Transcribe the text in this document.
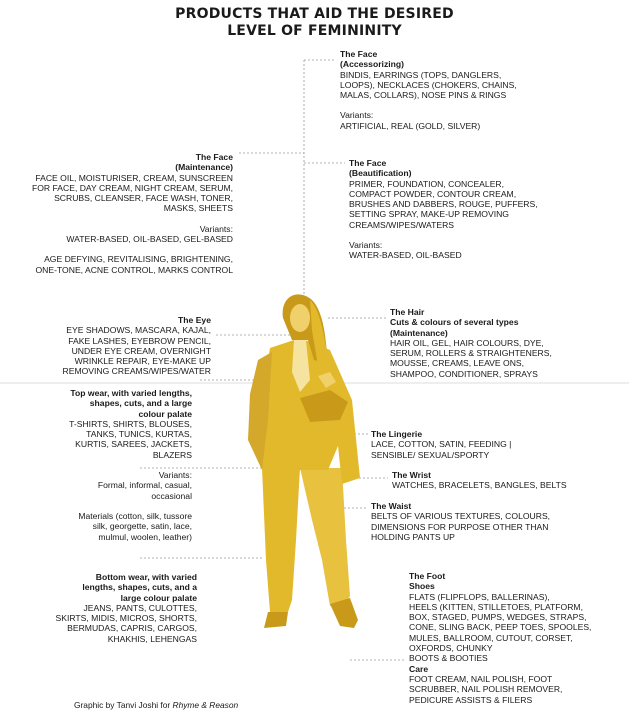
PRODUCTS THAT AID THE DESIRED
LEVEL OF FEMININITY
The Face
(Accessorizing)
BINDIS, EARRINGS (TOPS, DANGLERS,
LOOPS), NECKLACES (CHOKERS, CHAINS,
MALAS, COLLARS), NOSE PINS & RINGS
Variants:
ARTIFICIAL, REAL (GOLD, SILVER)
The Face
(Beautification)
PRIMER, FOUNDATION, CONCEALER,
COMPACT POWDER, CONTOUR CREAM,
BRUSHES AND DABBERS, ROUGE, PUFFERS,
SETTING SPRAY, MAKE-UP REMOVING
CREAMS/WIPES/WATERS
Variants:
WATER-BASED, OIL-BASED
The Hair
Cuts & colours of several types
(Maintenance)
HAIR OIL, GEL, HAIR COLOURS, DYE,
SERUM, ROLLERS & STRAIGHTENERS,
MOUSSE, CREAMS, LEAVE ONS,
SHAMPOO, CONDITIONER, SPRAYS
The Lingerie
LACE, COTTON, SATIN, FEEDING |
SENSIBLE/ SEXUAL/SPORTY
The Wrist
WATCHES, BRACELETS, BANGLES, BELTS
The Waist
BELTS OF VARIOUS TEXTURES, COLOURS,
DIMENSIONS FOR PURPOSE OTHER THAN
HOLDING PANTS UP
The Foot
Shoes
FLATS (FLIPFLOPS, BALLERINAS),
HEELS (KITTEN, STILLETOES, PLATFORM,
BOX, STAGED, PUMPS, WEDGES, STRAPS,
CONE, SLING BACK, PEEP TOES, SPOOLES,
MULES, BALLROOM, CUTOUT, CORSET,
OXFORDS, CHUNKY
BOOTS & BOOTIES
Care
FOOT CREAM, NAIL POLISH, FOOT
SCRUBBER, NAIL POLISH REMOVER,
PEDICURE ASSISTS & FILERS
The Face
(Maintenance)
FACE OIL, MOISTURISER, CREAM, SUNSCREEN
FOR FACE, DAY CREAM, NIGHT CREAM, SERUM,
SCRUBS, CLEANSER, FACE WASH, TONER,
MASKS, SHEETS
Variants:
WATER-BASED, OIL-BASED, GEL-BASED
AGE DEFYING, REVITALISING, BRIGHTENING,
ONE-TONE, ACNE CONTROL, MARKS CONTROL
The Eye
EYE SHADOWS, MASCARA, KAJAL,
FAKE LASHES, EYEBROW PENCIL,
UNDER EYE CREAM, OVERNIGHT
WRINKLE REPAIR, EYE-MAKE UP
REMOVING CREAMS/WIPES/WATER
Top wear, with varied lengths,
shapes, cuts, and a large
colour palate
T-SHIRTS, SHIRTS, BLOUSES,
TANKS, TUNICS, KURTAS,
KURTIS, SAREES, JACKETS,
BLAZERS
Variants:
Formal, informal, casual,
occasional
Materials (cotton, silk, tussore
silk, georgette, satin, lace,
mulmul, woolen, leather)
Bottom wear, with varied
lengths, shapes, cuts, and a
large colour palate
JEANS, PANTS, CULOTTES,
SKIRTS, MIDIS, MICROS, SHORTS,
BERMUDAS, CAPRIS, CARGOS,
KHAKHIS, LEHENGAS
Graphic by Tanvi Joshi for Rhyme & Reason
